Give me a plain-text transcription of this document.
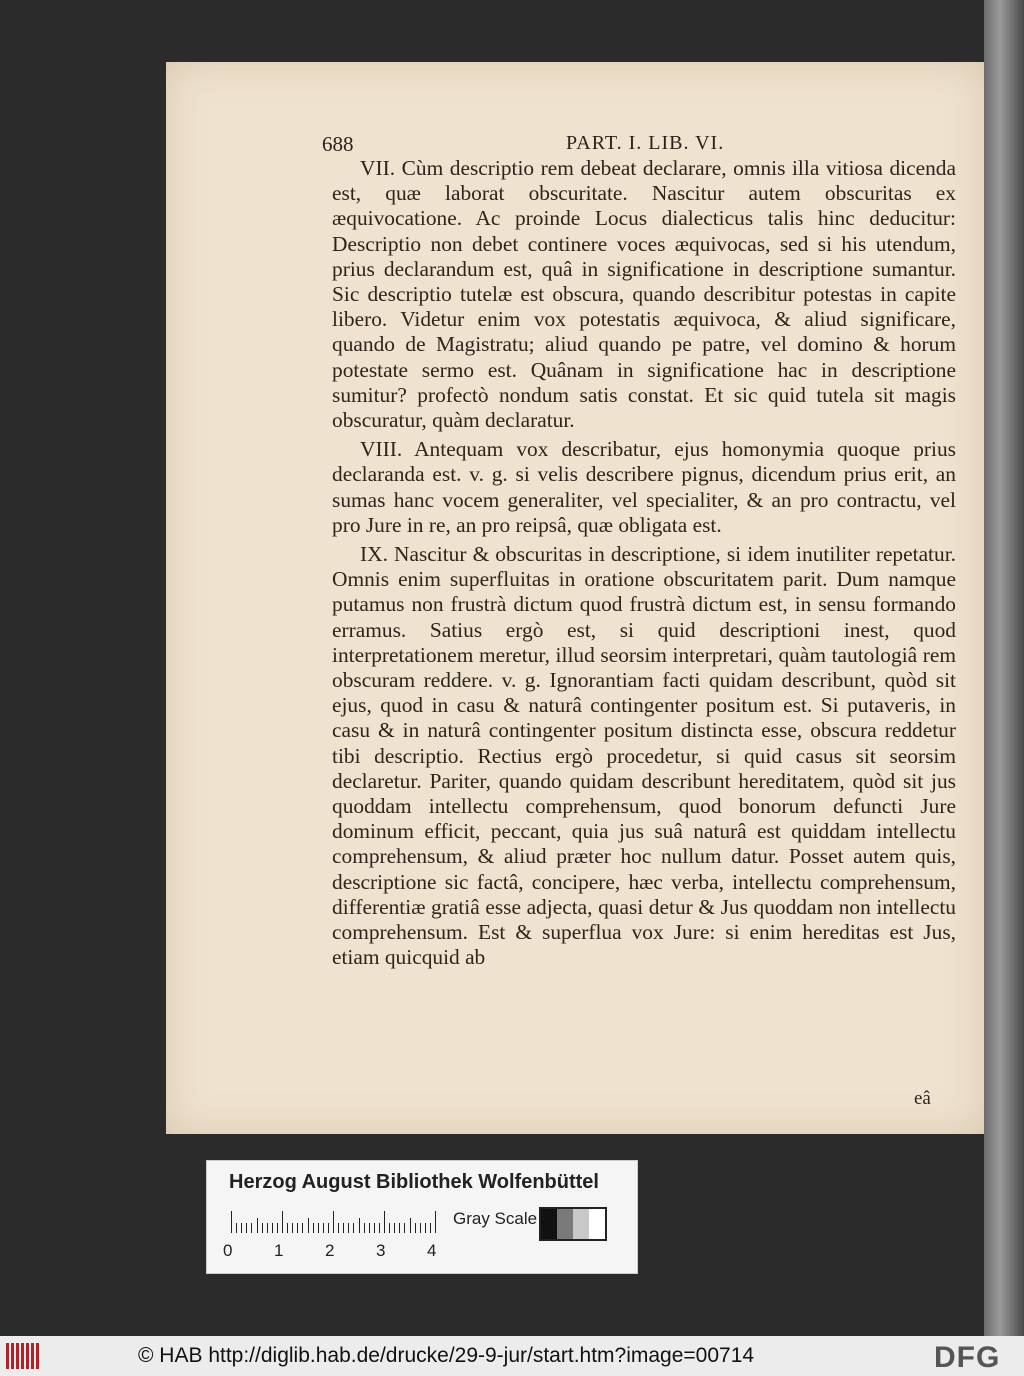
688	PART. I. LIB. VI.

VII. Cùm descriptio rem debeat declarare, omnis illa vitiosa dicenda est, quæ laborat obscuritate. Nascitur autem obscuritas ex æquivocatione. Ac proinde Locus dialecticus talis hinc deducitur: Descriptio non debet continere voces æquivocas, sed si his utendum, prius declarandum est, quâ in significatione in descriptione sumantur. Sic descriptio tutelæ est obscura, quando describitur potestas in capite libero. Videtur enim vox potestatis æquivoca, & aliud significare, quando de Magistratu; aliud quando pe patre, vel domino & horum potestate sermo est. Quânam in significatione hac in descriptione sumitur? profectò nondum satis constat. Et sic quid tutela sit magis obscuratur, quàm declaratur.

VIII. Antequam vox describatur, ejus homonymia quoque prius declaranda est. v. g. si velis describere pignus, dicendum prius erit, an sumas hanc vocem generaliter, vel specialiter, & an pro contractu, vel pro Jure in re, an pro reipsâ, quæ obligata est.

IX. Nascitur & obscuritas in descriptione, si idem inutiliter repetatur. Omnis enim superfluitas in oratione obscuritatem parit. Dum namque putamus non frustrà dictum quod frustrà dictum est, in sensu formando erramus. Satius ergò est, si quid descriptioni inest, quod interpretationem meretur, illud seorsim interpretari, quàm tautologiâ rem obscuram reddere. v. g. Ignorantiam facti quidam describunt, quòd sit ejus, quod in casu & naturâ contingenter positum est. Si putaveris, in casu & in naturâ contingenter positum distincta esse, obscura reddetur tibi descriptio. Rectius ergò procedetur, si quid casus sit seorsim declaretur. Pariter, quando quidam describunt hereditatem, quòd sit jus quoddam intellectu comprehensum, quod bonorum defuncti Jure dominum efficit, peccant, quia jus suâ naturâ est quiddam intellectu comprehensum, & aliud præter hoc nullum datur. Posset autem quis, descriptione sic factâ, concipere, hæc verba, intellectu comprehensum, differentiæ gratiâ esse adjecta, quasi detur & Jus quoddam non intellectu comprehensum. Est & superflua vox Jure: si enim hereditas est Jus, etiam quicquid ab

eâ
Herzog August Bibliothek Wolfenbüttel
0 1 2 3 4
Gray Scale
© HAB http://diglib.hab.de/drucke/29-9-jur/start.htm?image=00714	DFG
